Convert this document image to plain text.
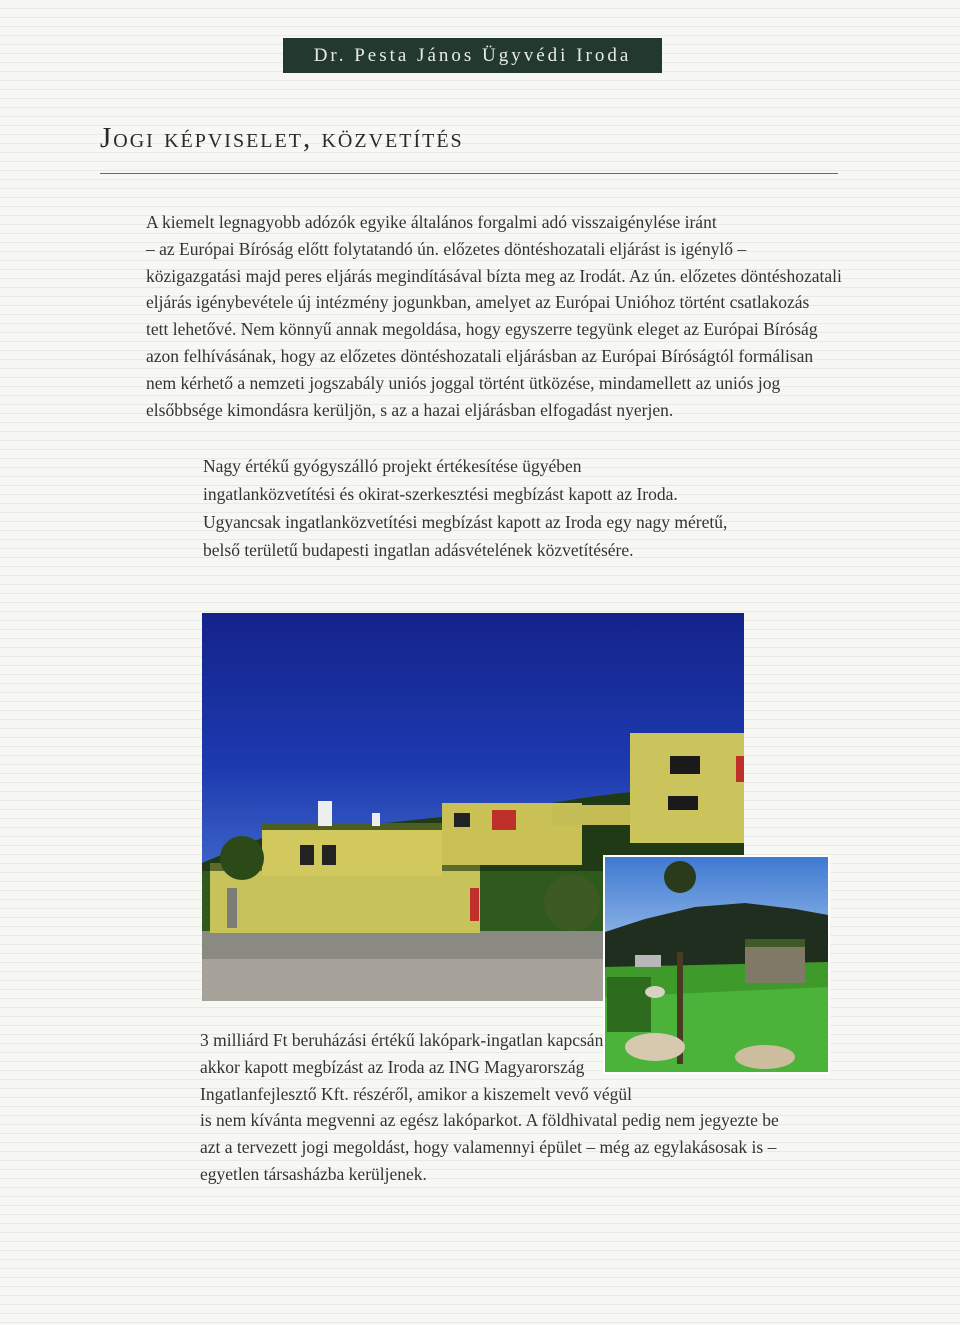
Dr. Pesta János Ügyvédi Iroda
Jogi képviselet, közvetítés

A kiemelt legnagyobb adózók egyike általános forgalmi adó visszaigénylése iránt
– az Európai Bíróság előtt folytatandó ún. előzetes döntéshozatali eljárást is igénylő –
közigazgatási majd peres eljárás megindításával bízta meg az Irodát. Az ún. előzetes döntéshozatali
eljárás igénybevétele új intézmény jogunkban, amelyet az Európai Unióhoz történt csatlakozás
tett lehetővé. Nem könnyű annak megoldása, hogy egyszerre tegyünk eleget az Európai Bíróság
azon felhívásának, hogy az előzetes döntéshozatali eljárásban az Európai Bíróságtól formálisan
nem kérhető a nemzeti jogszabály uniós joggal történt ütközése, mindamellett az uniós jog
elsőbbsége kimondásra kerüljön, s az a hazai eljárásban elfogadást nyerjen.

Nagy értékű gyógyszálló projekt értékesítése ügyében
ingatlanközvetítési és okirat-szerkesztési megbízást kapott az Iroda.
Ugyancsak ingatlanközvetítési megbízást kapott az Iroda egy nagy méretű,
belső területű budapesti ingatlan adásvételének közvetítésére.

3 milliárd Ft beruházási értékű lakópark-ingatlan kapcsán
akkor kapott megbízást az Iroda az ING Magyarország
Ingatlanfejlesztő Kft. részéről, amikor a kiszemelt vevő végül
is nem kívánta megvenni az egész lakóparkot. A földhivatal pedig nem jegyezte be
azt a tervezett jogi megoldást, hogy valamennyi épület – még az egylakásosak is –
egyetlen társasházba kerüljenek.
